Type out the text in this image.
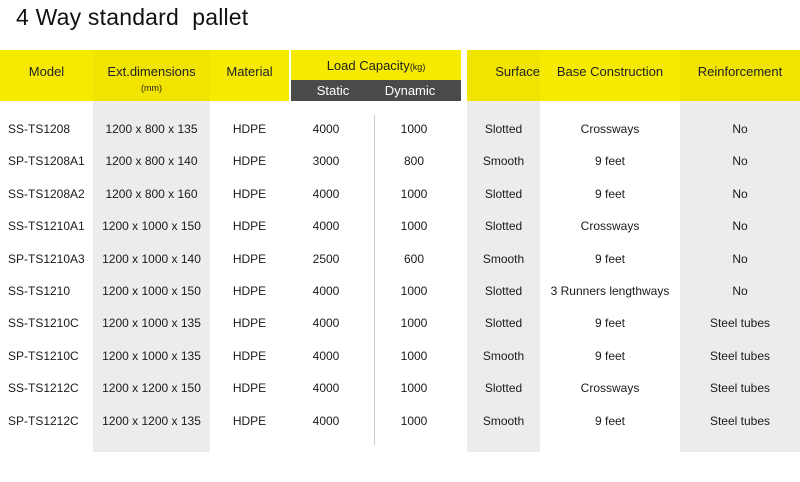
4 Way standard  pallet
Model	Ext.dimensions
(mm)
Material	Load Capacity(kg)
Static	Dynamic
Surface	Base Construction	Reinforcement
SS-TS1208	1200 x 800 x 135	HDPE	4000	1000	Slotted	Crossways	No
SP-TS1208A1	1200 x 800 x 140	HDPE	3000	800	Smooth	9 feet	No
SS-TS1208A2	1200 x 800 x 160	HDPE	4000	1000	Slotted	9 feet	No
SS-TS1210A1	1200 x 1000 x 150	HDPE	4000	1000	Slotted	Crossways	No
SP-TS1210A3	1200 x 1000 x 140	HDPE	2500	600	Smooth	9 feet	No
SS-TS1210	1200 x 1000 x 150	HDPE	4000	1000	Slotted	3 Runners lengthways	No
SS-TS1210C	1200 x 1000 x 135	HDPE	4000	1000	Slotted	9 feet	Steel tubes
SP-TS1210C	1200 x 1000 x 135	HDPE	4000	1000	Smooth	9 feet	Steel tubes
SS-TS1212C	1200 x 1200 x 150	HDPE	4000	1000	Slotted	Crossways	Steel tubes
SP-TS1212C	1200 x 1200 x 135	HDPE	4000	1000	Smooth	9 feet	Steel tubes
